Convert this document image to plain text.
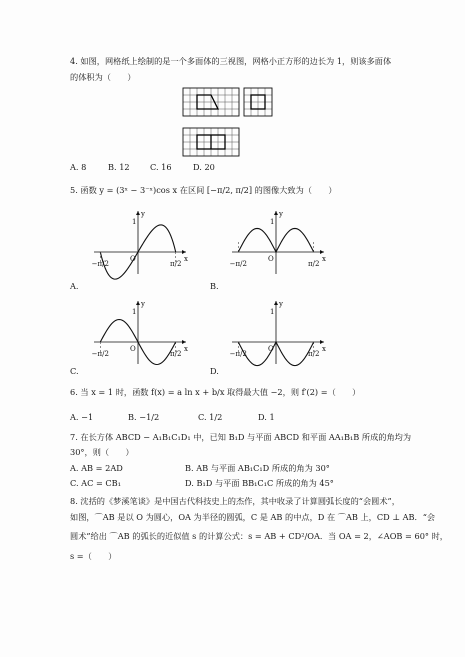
4. 如图，网格纸上绘制的是一个多面体的三视图，网格小正方形的边长为 1，则该多面体
的体积为（　　）
A. 8	B. 12 C. 16	D. 20
5. 函数 y = (3ˣ − 3⁻ˣ)cos x 在区间 [−π/2, π/2] 的图像大致为（　　）
y
x
O
1
−π/2	π/2
A.
y
x
O
1
−π/2	π/2
B.
y
x
O
1
−π/2	π/2
C.
y
x
O
1
−π/2	π/2
D.
6. 当 x = 1 时，函数 f(x) = a ln x + b/x 取得最大值 −2，则 f′(2) =（　　）
A. −1	B. −1/2	C. 1/2	D. 1
7. 在长方体 ABCD − A₁B₁C₁D₁ 中，已知 B₁D 与平面 ABCD 和平面 AA₁B₁B 所成的角均为
30°，则（　　）
A. AB = 2AD	B. AB 与平面 AB₁C₁D 所成的角为 30°
C. AC = CB₁	D. B₁D 与平面 BB₁C₁C 所成的角为 45°
8. 沈括的《梦溪笔谈》是中国古代科技史上的杰作，其中收录了计算圆弧长度的“会圆术”，
如图，⌒AB 是以 O 为圆心，OA 为半径的圆弧，C 是 AB 的中点，D 在 ⌒AB 上，CD ⊥ AB．“会
圆术”给出 ⌒AB 的弧长的近似值 s 的计算公式：s = AB + CD²/OA．当 OA = 2，∠AOB = 60° 时，
s =（　　）
